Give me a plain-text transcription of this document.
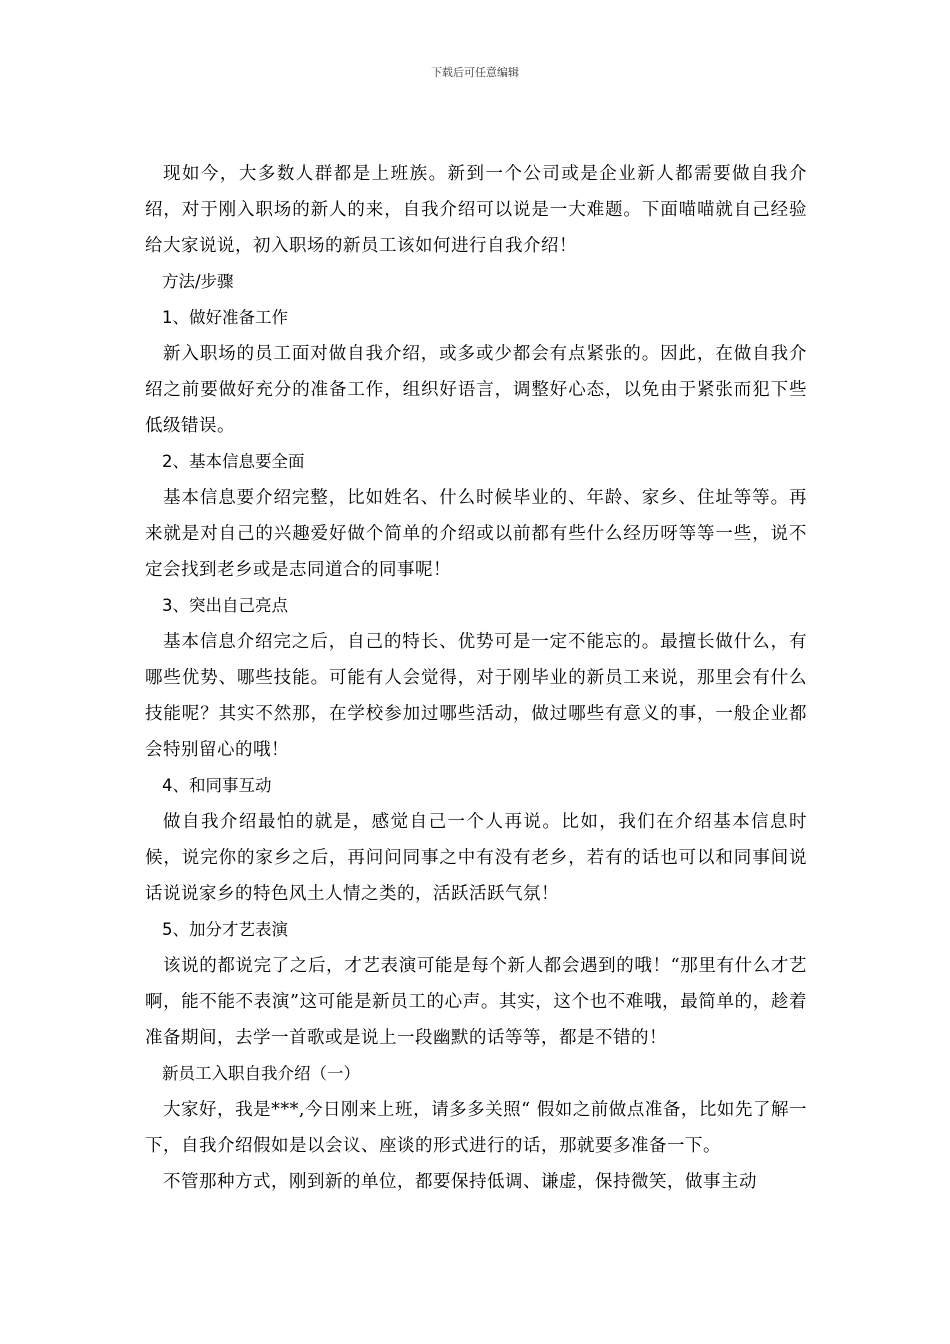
下载后可任意编辑

现如今，大多数人群都是上班族。新到一个公司或是企业新人都需要做自我介绍，对于刚入职场的新人的来，自我介绍可以说是一大难题。下面喵喵就自己经验给大家说说，初入职场的新员工该如何进行自我介绍！

方法/步骤

1、做好准备工作

新入职场的员工面对做自我介绍，或多或少都会有点紧张的。因此，在做自我介绍之前要做好充分的准备工作，组织好语言，调整好心态，以免由于紧张而犯下些低级错误。

2、基本信息要全面

基本信息要介绍完整，比如姓名、什么时候毕业的、年龄、家乡、住址等等。再来就是对自己的兴趣爱好做个简单的介绍或以前都有些什么经历呀等等一些，说不定会找到老乡或是志同道合的同事呢！

3、突出自己亮点

基本信息介绍完之后，自己的特长、优势可是一定不能忘的。最擅长做什么，有哪些优势、哪些技能。可能有人会觉得，对于刚毕业的新员工来说，那里会有什么技能呢？其实不然那，在学校参加过哪些活动，做过哪些有意义的事，一般企业都会特别留心的哦！

4、和同事互动

做自我介绍最怕的就是，感觉自己一个人再说。比如，我们在介绍基本信息时候，说完你的家乡之后，再问问同事之中有没有老乡，若有的话也可以和同事间说话说说家乡的特色风土人情之类的，活跃活跃气氛！

5、加分才艺表演

该说的都说完了之后，才艺表演可能是每个新人都会遇到的哦！“那里有什么才艺啊，能不能不表演”这可能是新员工的心声。其实，这个也不难哦，最简单的，趁着准备期间，去学一首歌或是说上一段幽默的话等等，都是不错的！

新员工入职自我介绍（一）

大家好，我是***,今日刚来上班，请多多关照“ 假如之前做点准备，比如先了解一下，自我介绍假如是以会议、座谈的形式进行的话，那就要多准备一下。

不管那种方式，刚到新的单位，都要保持低调、谦虚，保持微笑，做事主动
